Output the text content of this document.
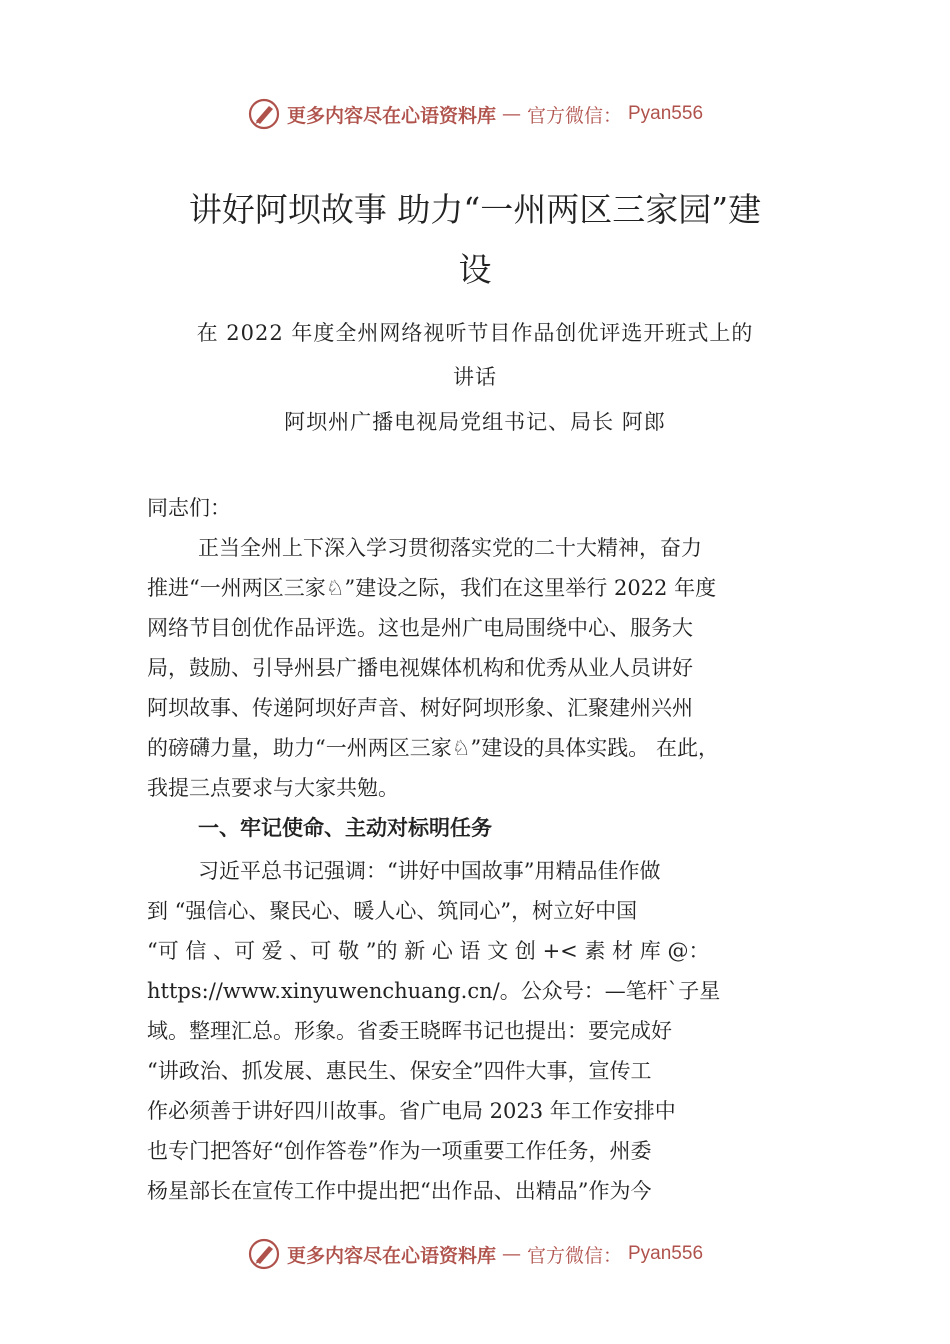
更多内容尽在心语资料库 — 官方微信： Pyan556
讲好阿坝故事 助力“一州两区三家园”建
设
在 2022 年度全州网络视听节目作品创优评选开班式上的
讲话
阿坝州广播电视局党组书记、局长 阿郎
同志们：
正当全州上下深入学习贯彻落实党的二十大精神，奋力
推进“一州两区三家♘”建设之际，我们在这里举行 2022 年度
网络节目创优作品评选。这也是州广电局围绕中心、服务大
局，鼓励、引导州县广播电视媒体机构和优秀从业人员讲好
阿坝故事、传递阿坝好声音、树好阿坝形象、汇聚建州兴州
的磅礴力量，助力“一州两区三家♘”建设的具体实践。 在此，
我提三点要求与大家共勉。
一、牢记使命、主动对标明任务
习近平总书记强调：“讲好中国故事”用精品佳作做
到 “强信心、聚民心、暖人心、筑同心”，树立好中国
“可 信 、可 爱 、可 敬 ”的 新 心 语 文 创 +< 素 材 库 @：
https://www.xinyuwenchuang.cn/。公众号：—笔杆`子星
域。整理汇总。形象。省委王晓晖书记也提出：要完成好
“讲政治、抓发展、惠民生、保安全”四件大事，宣传工
作必须善于讲好四川故事。省广电局 2023 年工作安排中
也专门把答好“创作答卷”作为一项重要工作任务，州委
杨星部长在宣传工作中提出把“出作品、出精品”作为今
更多内容尽在心语资料库 — 官方微信： Pyan556
